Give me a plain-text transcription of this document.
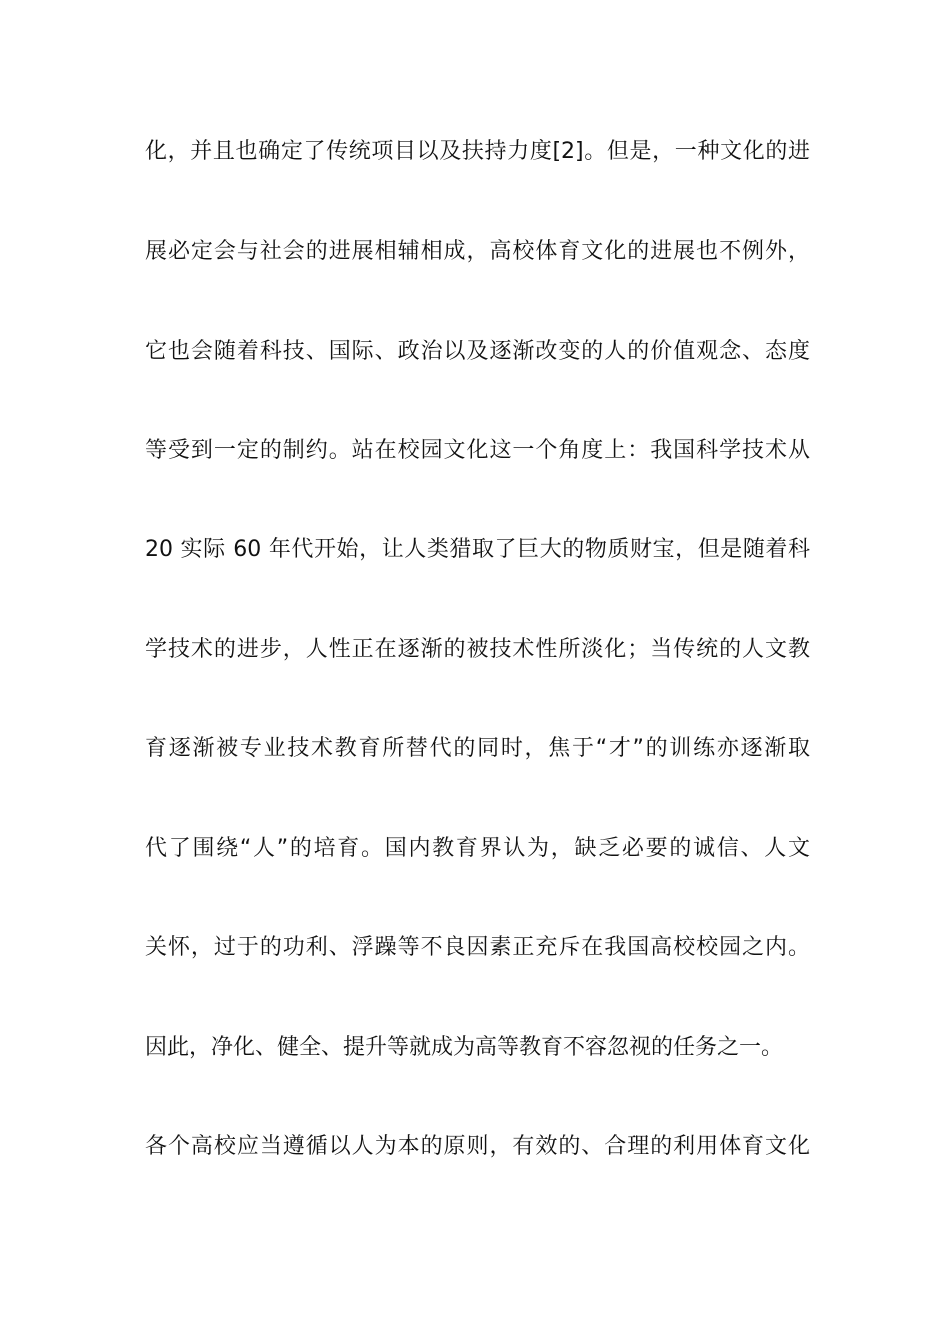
化，并且也确定了传统项目以及扶持力度[2]。但是，一种文化的进
展必定会与社会的进展相辅相成，高校体育文化的进展也不例外，
它也会随着科技、国际、政治以及逐渐改变的人的价值观念、态度
等受到一定的制约。站在校园文化这一个角度上：我国科学技术从
20 实际 60 年代开始，让人类猎取了巨大的物质财宝，但是随着科
学技术的进步，人性正在逐渐的被技术性所淡化；当传统的人文教
育逐渐被专业技术教育所替代的同时，焦于“才”的训练亦逐渐取
代了围绕“人”的培育。国内教育界认为，缺乏必要的诚信、人文
关怀，过于的功利、浮躁等不良因素正充斥在我国高校校园之内。
因此，净化、健全、提升等就成为高等教育不容忽视的任务之一。
各个高校应当遵循以人为本的原则，有效的、合理的利用体育文化
